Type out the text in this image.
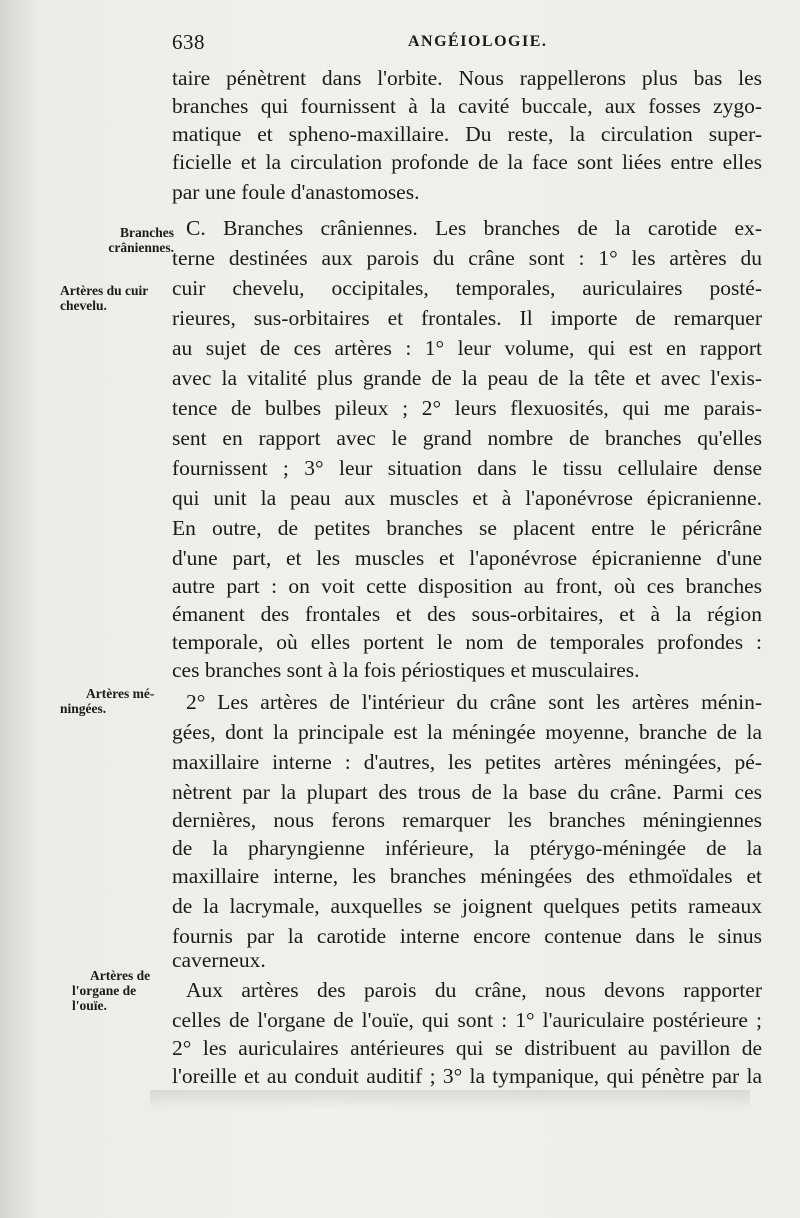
638	ANGÉIOLOGIE.
Branches
crâniennes.
Artères du cuir
chevelu.
Artères mé-
ningées.
Artères de
l'organe de
l'ouïe.
taire pénètrent dans l'orbite. Nous rappellerons plus bas les
branches qui fournissent à la cavité buccale, aux fosses zygo-
matique et spheno-maxillaire. Du reste, la circulation super-
ficielle et la circulation profonde de la face sont liées entre elles
par une foule d'anastomoses.
C. Branches crâniennes. Les branches de la carotide ex-
terne destinées aux parois du crâne sont : 1° les artères du
cuir chevelu, occipitales, temporales, auriculaires posté-
rieures, sus-orbitaires et frontales. Il importe de remarquer
au sujet de ces artères : 1° leur volume, qui est en rapport
avec la vitalité plus grande de la peau de la tête et avec l'exis-
tence de bulbes pileux ; 2° leurs flexuosités, qui me parais-
sent en rapport avec le grand nombre de branches qu'elles
fournissent ; 3° leur situation dans le tissu cellulaire dense
qui unit la peau aux muscles et à l'aponévrose épicranienne.
En outre, de petites branches se placent entre le péricrâne
d'une part, et les muscles et l'aponévrose épicranienne d'une
autre part : on voit cette disposition au front, où ces branches
émanent des frontales et des sous-orbitaires, et à la région
temporale, où elles portent le nom de temporales profondes :
ces branches sont à la fois périostiques et musculaires.
2° Les artères de l'intérieur du crâne sont les artères ménin-
gées, dont la principale est la méningée moyenne, branche de la
maxillaire interne : d'autres, les petites artères méningées, pé-
nètrent par la plupart des trous de la base du crâne. Parmi ces
dernières, nous ferons remarquer les branches méningiennes
de la pharyngienne inférieure, la ptérygo-méningée de la
maxillaire interne, les branches méningées des ethmoïdales et
de la lacrymale, auxquelles se joignent quelques petits rameaux
fournis par la carotide interne encore contenue dans le sinus
caverneux.
Aux artères des parois du crâne, nous devons rapporter
celles de l'organe de l'ouïe, qui sont : 1° l'auriculaire postérieure ;
2° les auriculaires antérieures qui se distribuent au pavillon de
l'oreille et au conduit auditif ; 3° la tympanique, qui pénètre par la
